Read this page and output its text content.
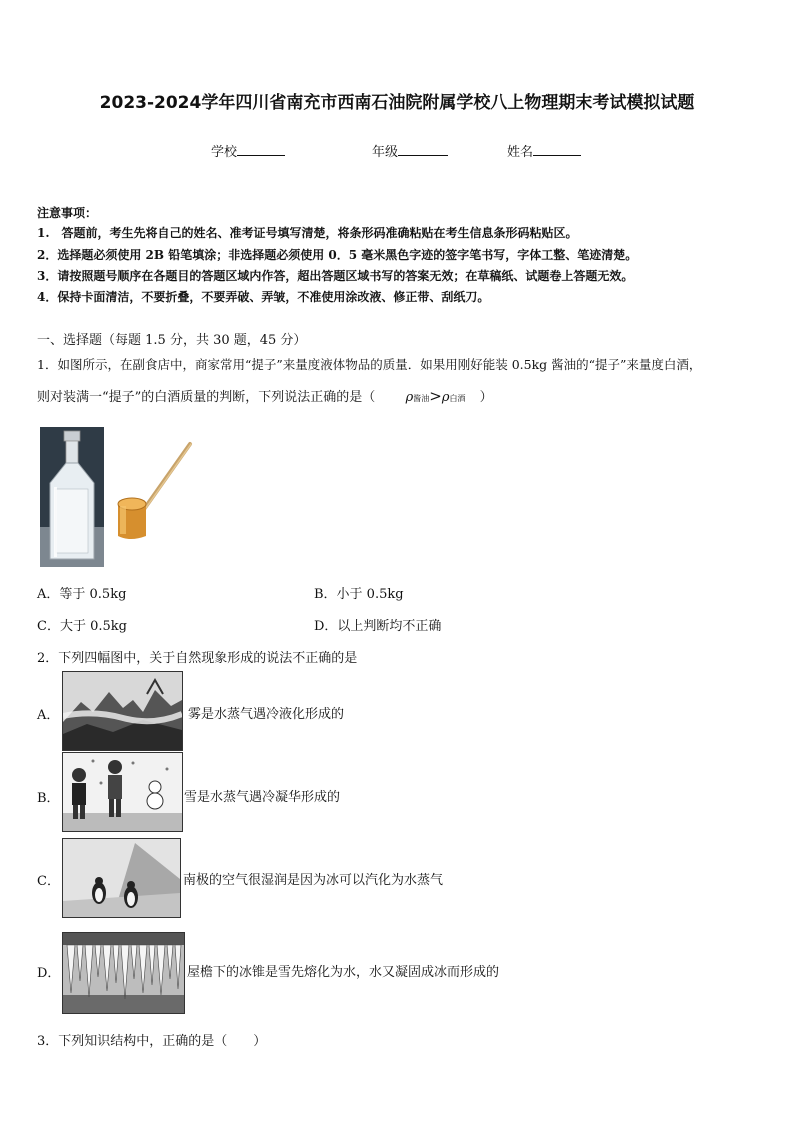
2023-2024学年四川省南充市西南石油院附属学校八上物理期末考试模拟试题
学校	年级	姓名
注意事项：
1.　答题前，考生先将自己的姓名、准考证号填写清楚，将条形码准确粘贴在考生信息条形码粘贴区。
2．选择题必须使用 2B 铅笔填涂；非选择题必须使用 0．5 毫米黑色字迹的签字笔书写，字体工整、笔迹清楚。
3．请按照题号顺序在各题目的答题区域内作答，超出答题区域书写的答案无效；在草稿纸、试题卷上答题无效。
4．保持卡面清洁，不要折叠，不要弄破、弄皱，不准使用涂改液、修正带、刮纸刀。
一、选择题（每题 1.5 分，共 30 题，45 分）
1．如图所示，在副食店中，商家常用“提子”来量度液体物品的质量．如果用刚好能装 0.5kg 酱油的“提子”来量度白酒，
则对装满一“提子”的白酒质量的判断，下列说法正确的是（ ρ酱油>ρ白酒 ）
A．等于 0.5kg	B．小于 0.5kg
C．大于 0.5kg	D．以上判断均不正确
2．下列四幅图中，关于自然现象形成的说法不正确的是
A．	雾是水蒸气遇冷液化形成的
B．	雪是水蒸气遇冷凝华形成的
C．	南极的空气很湿润是因为冰可以汽化为水蒸气
D．	屋檐下的冰锥是雪先熔化为水，水又凝固成冰而形成的
3．下列知识结构中，正确的是（　　）
